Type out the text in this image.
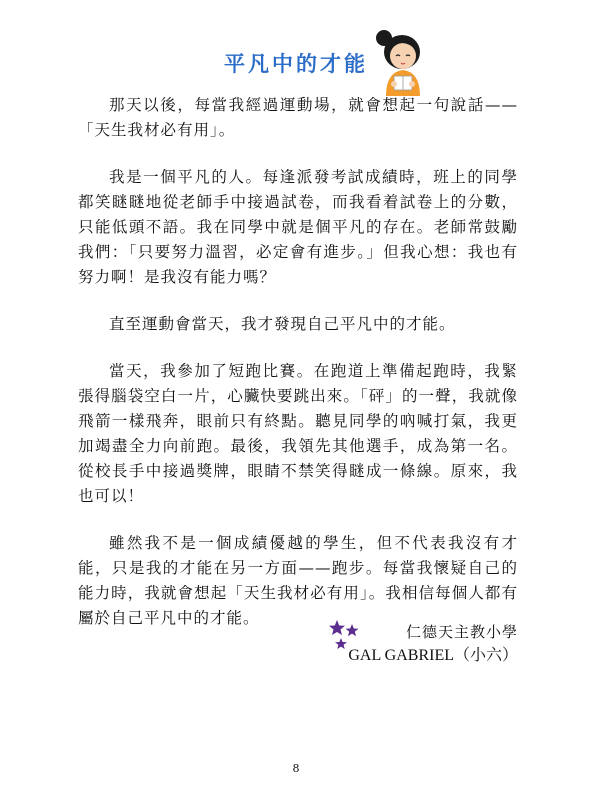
平凡中的才能

那天以後，每當我經過運動場，就會想起一句說話——「天生我材必有用」。

我是一個平凡的人。每逢派發考試成績時，班上的同學都笑瞇瞇地從老師手中接過試卷，而我看着試卷上的分數，只能低頭不語。我在同學中就是個平凡的存在。老師常鼓勵我們：「只要努力溫習，必定會有進步。」但我心想：我也有努力啊！是我沒有能力嗎？

直至運動會當天，我才發現自己平凡中的才能。

當天，我參加了短跑比賽。在跑道上準備起跑時，我緊張得腦袋空白一片，心臟快要跳出來。「砰」的一聲，我就像飛箭一樣飛奔，眼前只有終點。聽見同學的吶喊打氣，我更加竭盡全力向前跑。最後，我領先其他選手，成為第一名。從校長手中接過獎牌，眼睛不禁笑得瞇成一條線。原來，我也可以！

雖然我不是一個成績優越的學生，但不代表我沒有才能，只是我的才能在另一方面——跑步。每當我懷疑自己的能力時，我就會想起「天生我材必有用」。我相信每個人都有屬於自己平凡中的才能。

仁德天主教小學
GAL GABRIEL（小六）
8
